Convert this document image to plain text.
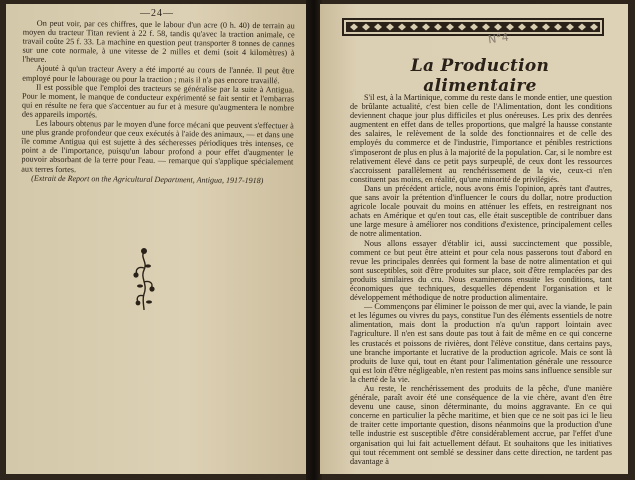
—24—

On peut voir, par ces chiffres, que le labour d'un acre (0 h. 40) de terrain au moyen du tracteur Titan revient à 22 f. 58, tandis qu'avec la traction animale, ce travail coûte 25 f. 33. La machine en question peut transporter 8 tonnes de cannes sur une cote normale, à une vitesse de 2 milles et demi (soit 4 kilomètres) à l'heure.

Ajouté à qu'un tracteur Avery a été importé au cours de l'année. Il peut être employé pour le labourage ou pour la traction ; mais il n'a pas encore travaillé.

Il est possible que l'emploi des tracteurs se généralise par la suite à Antigua. Pour le moment, le manque de conducteur expérimenté se fait sentir et l'embarras qui en résulte ne fera que s'accentuer au fur et à mesure qu'augmentera le nombre des appareils importés.

Les labours obtenus par le moyen d'une force mécani que peuvent s'effectuer à une plus grande profondeur que ceux exécutés à l'aide des animaux, — et dans une île comme Antigua qui est sujette à des sécheresses périodiques très intenses, ce point a de l'importance, puisqu'un labour profond a pour effet d'augmenter le pouvoir absorbant de la terre pour l'eau. — remarque qui s'applique spécialement aux terres fortes.

(Extrait de Report on the Agricultural Department, Antigua, 1917-1918)

N°4
La Production alimentaire

S'il est, à la Martinique, comme du reste dans le monde entier, une question de brûlante actualité, c'est bien celle de l'Alimentation, dont les conditions deviennent chaque jour plus difficiles et plus onéreuses. Les prix des denrées augmentent en effet dans de telles proportions, que malgré la hausse constante des salaires, le relèvement de la solde des fonctionnaires et de celle des employés du commerce et de l'industrie, l'importance et pénibles restrictions s'imposeront de plus en plus à la majorité de la population. Car, si le nombre est relativement élevé dans ce petit pays surpeuplé, de ceux dont les ressources s'accroissent parallèlement au renchérissement de la vie, ceux-ci n'en constituent pas moins, en réalité, qu'une minorité de privilégiés.

Dans un précédent article, nous avons émis l'opinion, après tant d'autres, que sans avoir la prétention d'influencer le cours du dollar, notre production agricole locale pouvait du moins en atténuer les effets, en restreignant nos achats en Amérique et qu'en tout cas, elle était susceptible de contribuer dans une large mesure à améliorer nos conditions d'existence, principalement celles de notre alimentation.

Nous allons essayer d'établir ici, aussi succinctement que possible, comment ce but peut être atteint et pour cela nous passerons tout d'abord en revue les principales denrées qui forment la base de notre alimentation et qui sont susceptibles, soit d'être produites sur place, soit d'être remplacées par des produits similaires du cru. Nous examinerons ensuite les conditions, tant économiques que techniques, desquelles dépendent l'organisation et le développement méthodique de notre production alimentaire.

— Commençons par éliminer le poisson de mer qui, avec la viande, le pain et les légumes ou vivres du pays, constitue l'un des éléments essentiels de notre alimentation, mais dont la production n'a qu'un rapport lointain avec l'agriculture. Il n'en est sans doute pas tout à fait de même en ce qui concerne les crustacés et poissons de rivières, dont l'élève constitue, dans certains pays, une branche importante et lucrative de la production agricole. Mais ce sont là produits de luxe qui, tout en étant pour l'alimentation générale une ressource qui est loin d'être négligeable, n'en restent pas moins sans influence sensible sur la cherté de la vie.

Au reste, le renchérissement des produits de la pêche, d'une manière générale, paraît avoir été une conséquence de la vie chère, avant d'en être devenu une cause, sinon déterminante, du moins aggravante. En ce qui concerne en particulier la pêche maritime, et bien que ce ne soit pas ici le lieu de traiter cette importante question, disons néanmoins que la production d'une telle industrie est susceptible d'être considérablement accrue, par l'effet d'une organisation qui lui fait actuellement défaut. Et souhaitons que les initiatives qui tout récemment ont semblé se dessiner dans cette direction, ne tardent pas davantage à
